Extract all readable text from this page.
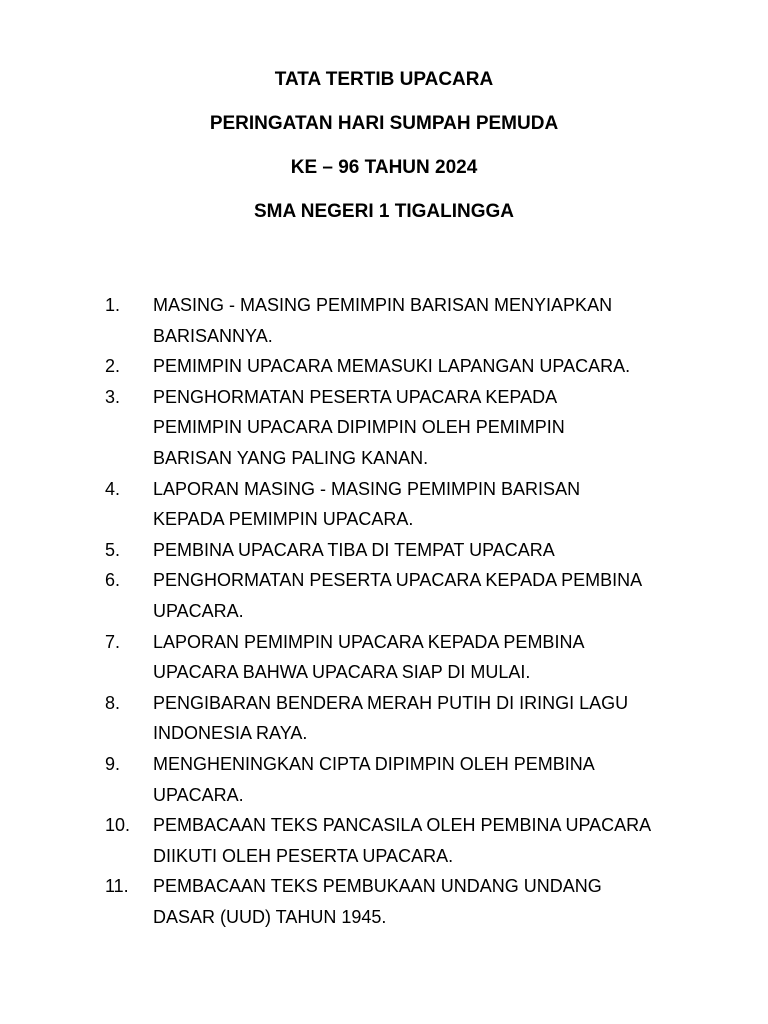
TATA TERTIB UPACARA
PERINGATAN HARI SUMPAH PEMUDA
KE – 96 TAHUN 2024
SMA NEGERI 1 TIGALINGGA
1.	MASING - MASING PEMIMPIN BARISAN MENYIAPKAN
BARISANNYA.
2.	PEMIMPIN UPACARA MEMASUKI LAPANGAN UPACARA.
3.	PENGHORMATAN PESERTA UPACARA KEPADA
PEMIMPIN UPACARA DIPIMPIN OLEH PEMIMPIN
BARISAN YANG PALING KANAN.
4.	LAPORAN MASING - MASING PEMIMPIN BARISAN
KEPADA PEMIMPIN UPACARA.
5.	PEMBINA UPACARA TIBA DI TEMPAT UPACARA
6.	PENGHORMATAN PESERTA UPACARA KEPADA PEMBINA
UPACARA.
7.	LAPORAN PEMIMPIN UPACARA KEPADA PEMBINA
UPACARA BAHWA UPACARA SIAP DI MULAI.
8.	PENGIBARAN BENDERA MERAH PUTIH DI IRINGI LAGU
INDONESIA RAYA.
9.	MENGHENINGKAN CIPTA DIPIMPIN OLEH PEMBINA
UPACARA.
10.	PEMBACAAN TEKS PANCASILA OLEH PEMBINA UPACARA
DIIKUTI OLEH PESERTA UPACARA.
11.	PEMBACAAN TEKS PEMBUKAAN UNDANG UNDANG
DASAR (UUD) TAHUN 1945.
